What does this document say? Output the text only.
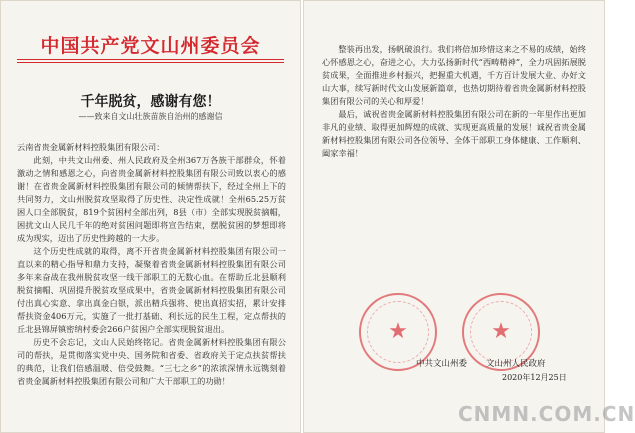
中国共产党文山州委员会
千年脱贫，感谢有您！
——致来自文山壮族苗族自治州的感谢信

云南省贵金属新材料控股集团有限公司：

此刻，中共文山州委、州人民政府及全州367万各族干部群众，怀着激动之情和感恩之心，向省贵金属新材料控股集团有限公司致以衷心的感谢！在省贵金属新材料控股集团有限公司的倾情帮扶下，经过全州上下的共同努力，文山州脱贫攻坚取得了历史性、决定性成就！全州65.25万贫困人口全部脱贫，819个贫困村全部出列，8县（市）全部实现脱贫摘帽，困扰文山人民几千年的绝对贫困问题即将宣告结束，摆脱贫困的梦想即将成为现实，迈出了历史性跨越的一大步。

这个历史性成就的取得，离不开省贵金属新材料控股集团有限公司一直以来的精心指导和鼎力支持，凝聚着省贵金属新材料控股集团有限公司多年来奋战在我州脱贫攻坚一线干部职工的无数心血。在帮助丘北县顺利脱贫摘帽、巩固提升脱贫攻坚成果中，省贵金属新材料控股集团有限公司付出真心实意、拿出真金白银，派出精兵强将、使出真招实招，累计安排帮扶资金406万元，实施了一批打基础、利长远的民生工程，定点帮扶的丘北县锦屏镇密纳村委会266户贫困户全部实现脱贫退出。

历史不会忘记，文山人民始终铭记。省贵金属新材料控股集团有限公司的帮扶，是贯彻落实党中央、国务院和省委、省政府关于定点扶贫帮扶的典范，让我们倍感温暖、倍受鼓舞。“三七之乡”的浓浓深情永远镌刻着省贵金属新材料控股集团有限公司和广大干部职工的功勋！

整装再出发，扬帆破浪行。我们将倍加珍惜这来之不易的成绩，始终心怀感恩之心，奋进之心，大力弘扬新时代“西畴精神”，全力巩固拓展脱贫成果，全面推进乡村振兴，把握重大机遇，千方百计发展大业、办好文山大事，续写新时代文山发展新篇章，也热切期待着省贵金属新材料控股集团有限公司的关心和厚爱！

最后，诚祝省贵金属新材料控股集团有限公司在新的一年里作出更加非凡的业绩、取得更加辉煌的成就、实现更高质量的发展！诚祝省贵金属新材料控股集团有限公司各位领导、全体干部职工身体健康、工作顺利、阖家幸福！

★	★
中共文山州委 文山州人民政府
2020年12月25日
CNMN.COM.CN
